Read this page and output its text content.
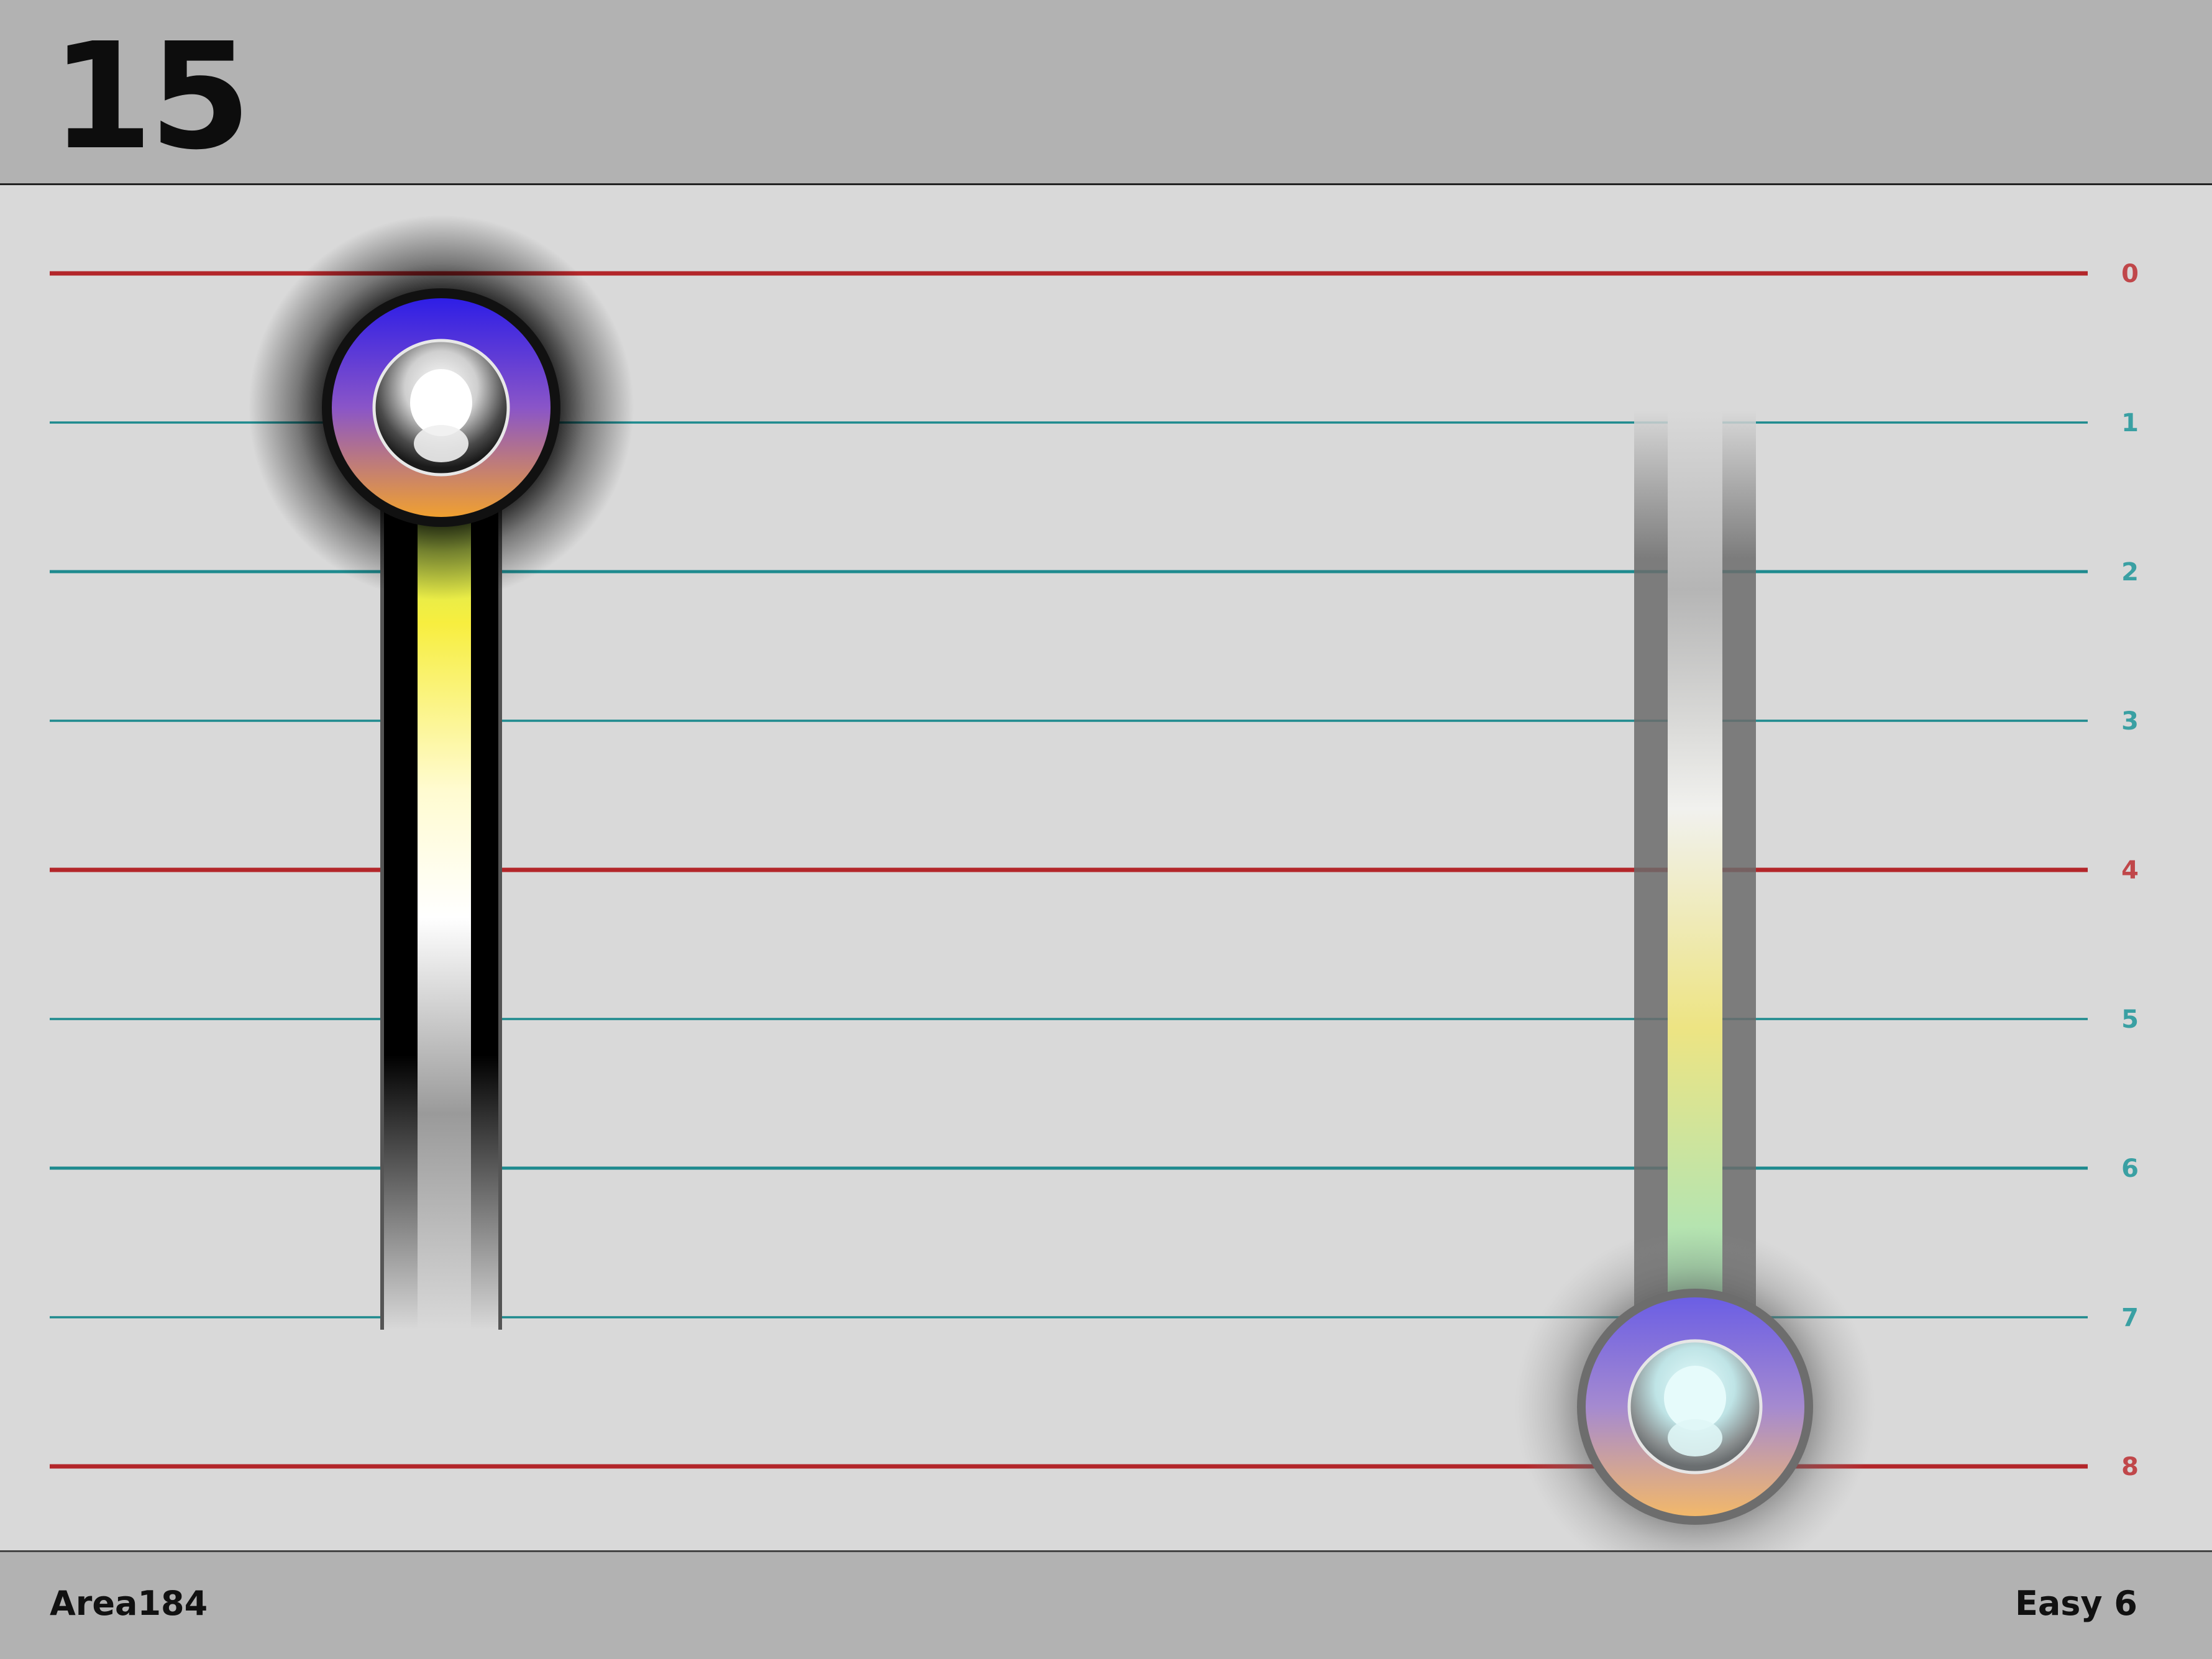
15
0
1
2
3
4
5
6
7
8
Area184	Easy 6
